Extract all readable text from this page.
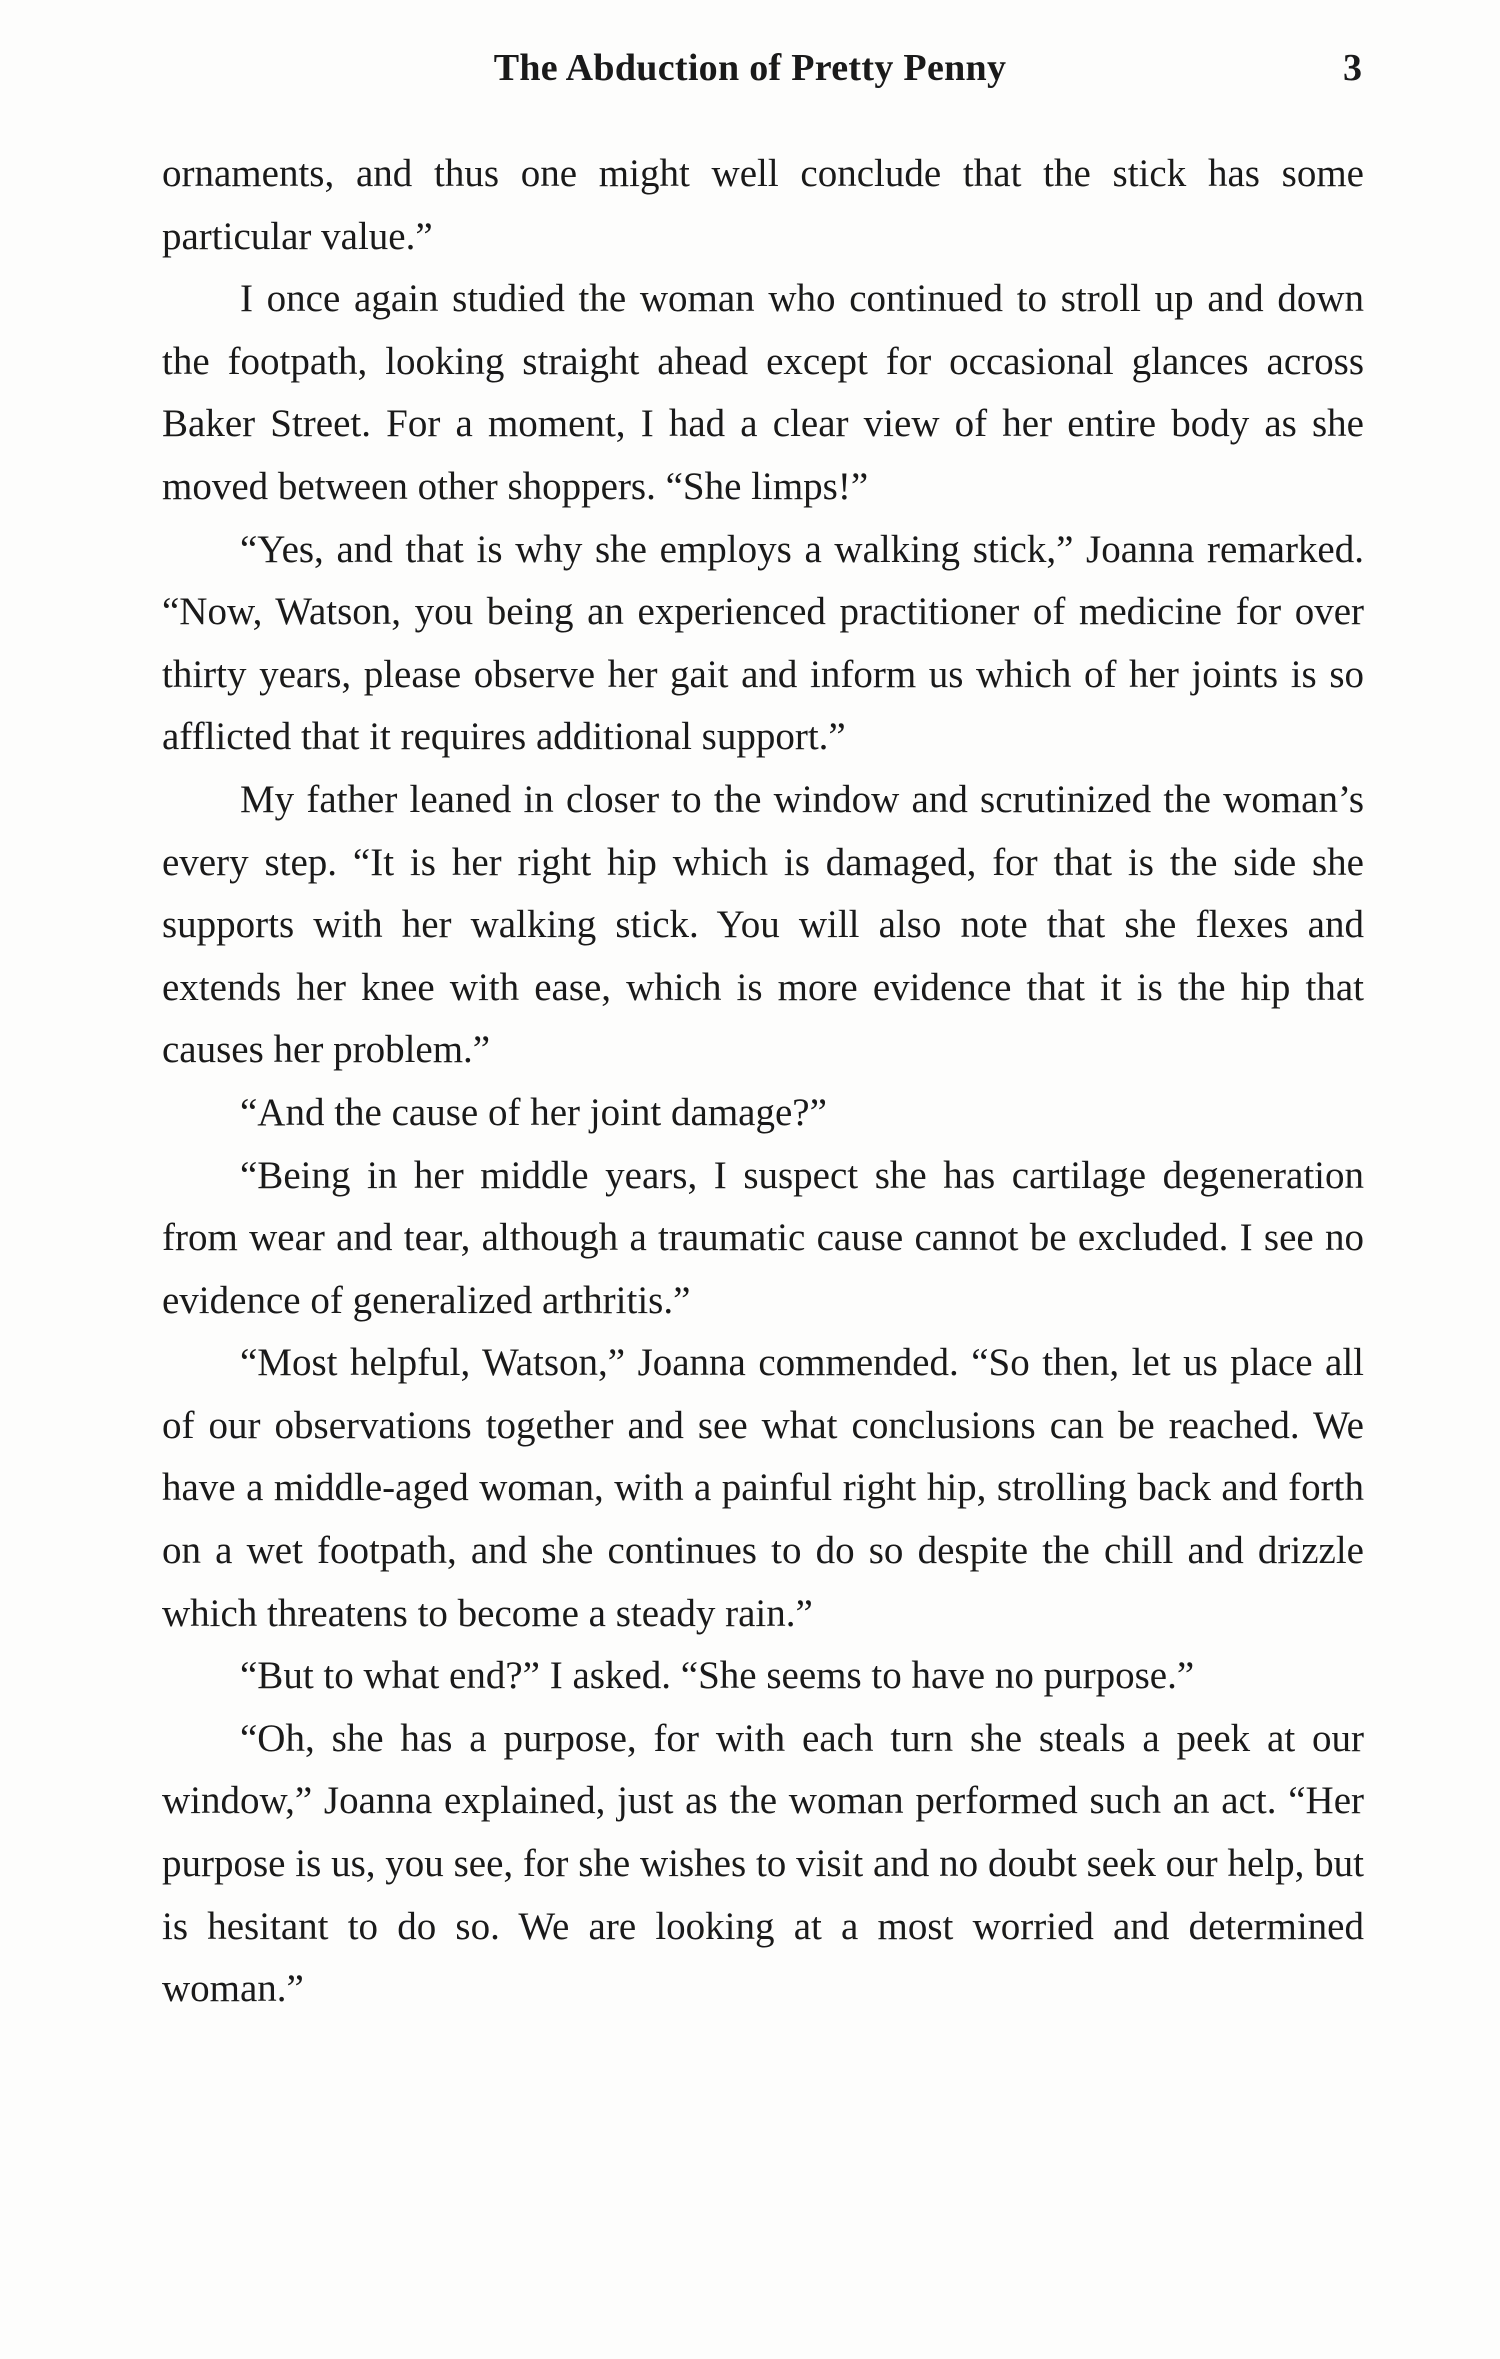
The Abduction of Pretty Penny	3

ornaments, and thus one might well conclude that the stick has some particular value.”

I once again studied the woman who continued to stroll up and down the footpath, looking straight ahead except for occasional glances across Baker Street. For a moment, I had a clear view of her entire body as she moved between other shoppers. “She limps!”

“Yes, and that is why she employs a walking stick,” Joanna remarked. “Now, Watson, you being an experienced practitioner of medicine for over thirty years, please observe her gait and inform us which of her joints is so afflicted that it requires additional support.”

My father leaned in closer to the window and scrutinized the woman’s every step. “It is her right hip which is damaged, for that is the side she supports with her walking stick. You will also note that she flexes and extends her knee with ease, which is more evidence that it is the hip that causes her problem.”

“And the cause of her joint damage?”

“Being in her middle years, I suspect she has cartilage degeneration from wear and tear, although a traumatic cause cannot be excluded. I see no evidence of generalized arthritis.”

“Most helpful, Watson,” Joanna commended. “So then, let us place all of our observations together and see what conclusions can be reached. We have a middle-aged woman, with a painful right hip, strolling back and forth on a wet footpath, and she continues to do so despite the chill and drizzle which threatens to become a steady rain.”

“But to what end?” I asked. “She seems to have no purpose.”

“Oh, she has a purpose, for with each turn she steals a peek at our window,” Joanna explained, just as the woman performed such an act. “Her purpose is us, you see, for she wishes to visit and no doubt seek our help, but is hesitant to do so. We are looking at a most worried and determined woman.”
